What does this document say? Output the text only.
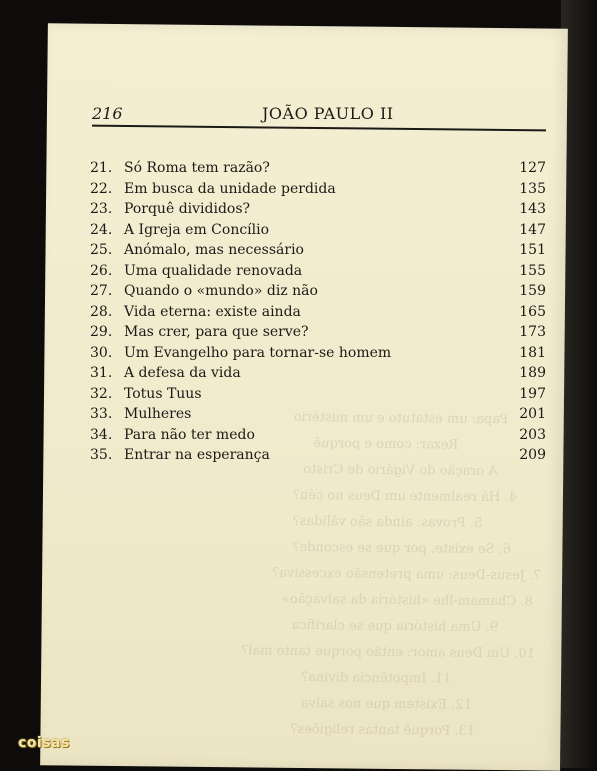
Papa: um estatuto e um mistério
Rezar: como e porquê
A oração do Vigário de Cristo
4. Há realmente um Deus no céu?
5. Provas: ainda são válidas?
6. Se existe, por que se esconde?
7. Jesus-Deus: uma pretensão excessiva?
8. Chamam-lhe «história da salvação»
9. Uma história que se clarifica
10. Um Deus amor: então porque tanto mal?
11. Impotência divina?
12. Existem que nos salva
13. Porquê tantas religiões?
216	JOÃO PAULO II
21. Só Roma tem razão?	127
22. Em busca da unidade perdida	135
23. Porquê divididos?	143
24. A Igreja em Concílio	147
25. Anómalo, mas necessário	151
26. Uma qualidade renovada	155
27. Quando o «mundo» diz não	159
28. Vida eterna: existe ainda	165
29. Mas crer, para que serve?	173
30. Um Evangelho para tornar-se homem	181
31. A defesa da vida	189
32. Totus Tuus	197
33. Mulheres	201
34. Para não ter medo	203
35. Entrar na esperança	209
coisas
